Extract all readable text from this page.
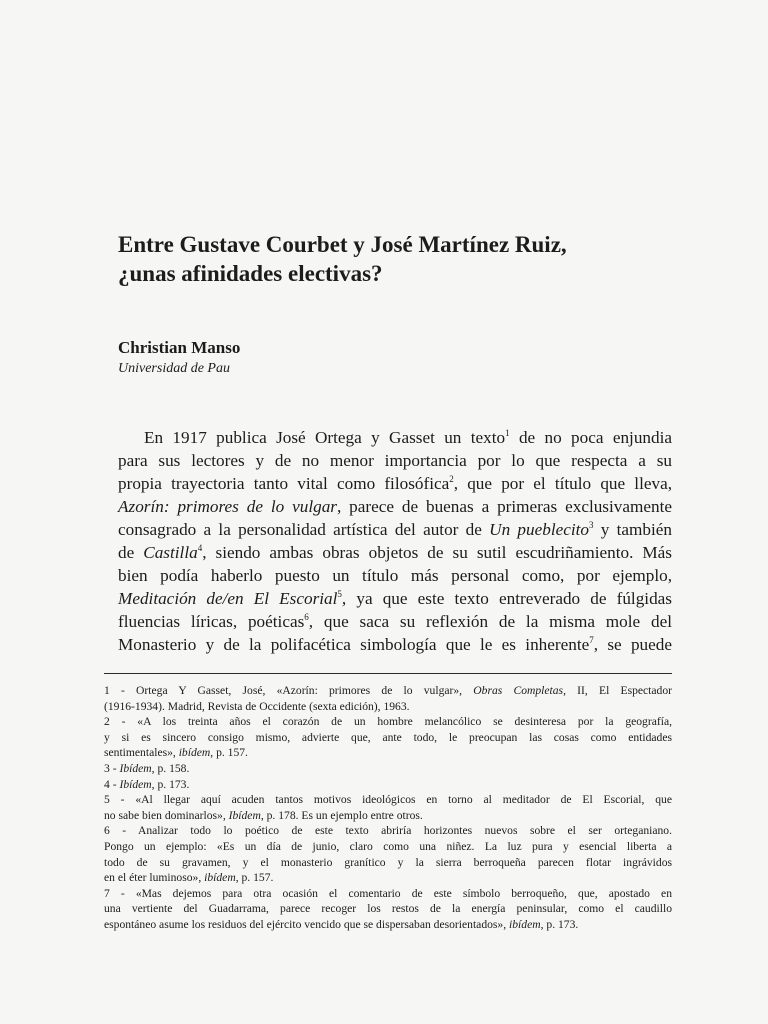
Entre Gustave Courbet y José Martínez Ruiz,
¿unas afinidades electivas?

Christian Manso

Universidad de Pau

En 1917 publica José Ortega y Gasset un texto$^1$ de no poca enjundia
para sus lectores y de no menor importancia por lo que respecta a su
propia trayectoria tanto vital como filosófica$^2$, que por el título que lleva,
Azorín: primores de lo vulgar, parece de buenas a primeras exclusivamente
consagrado a la personalidad artística del autor de Un pueblecito$^3$ y también
de Castilla$^4$, siendo ambas obras objetos de su sutil escudriñamiento. Más
bien podía haberlo puesto un título más personal como, por ejemplo,
Meditación de/en El Escorial$^5$, ya que este texto entreverado de fúlgidas
fluencias líricas, poéticas$^6$, que saca su reflexión de la misma mole del
Monasterio y de la polifacética simbología que le es inherente$^7$, se puede
1 - Ortega Y Gasset, José, «Azorín: primores de lo vulgar», Obras Completas, II, El Espectador
(1916-1934). Madrid, Revista de Occidente (sexta edición), 1963.
2 - «A los treinta años el corazón de un hombre melancólico se desinteresa por la geografía,
y si es sincero consigo mismo, advierte que, ante todo, le preocupan las cosas como entidades
sentimentales», ibídem, p. 157.
3 - Ibídem, p. 158.
4 - Ibídem, p. 173.
5 - «Al llegar aquí acuden tantos motivos ideológicos en torno al meditador de El Escorial, que
no sabe bien dominarlos», Ibídem, p. 178. Es un ejemplo entre otros.
6 - Analizar todo lo poético de este texto abriría horizontes nuevos sobre el ser orteganiano.
Pongo un ejemplo: «Es un día de junio, claro como una niñez. La luz pura y esencial liberta a
todo de su gravamen, y el monasterio granítico y la sierra berroqueña parecen flotar ingrávidos
en el éter luminoso», ibídem, p. 157.
7 - «Mas dejemos para otra ocasión el comentario de este símbolo berroqueño, que, apostado en
una vertiente del Guadarrama, parece recoger los restos de la energía peninsular, como el caudillo
espontáneo asume los residuos del ejército vencido que se dispersaban desorientados», ibídem, p. 173.
